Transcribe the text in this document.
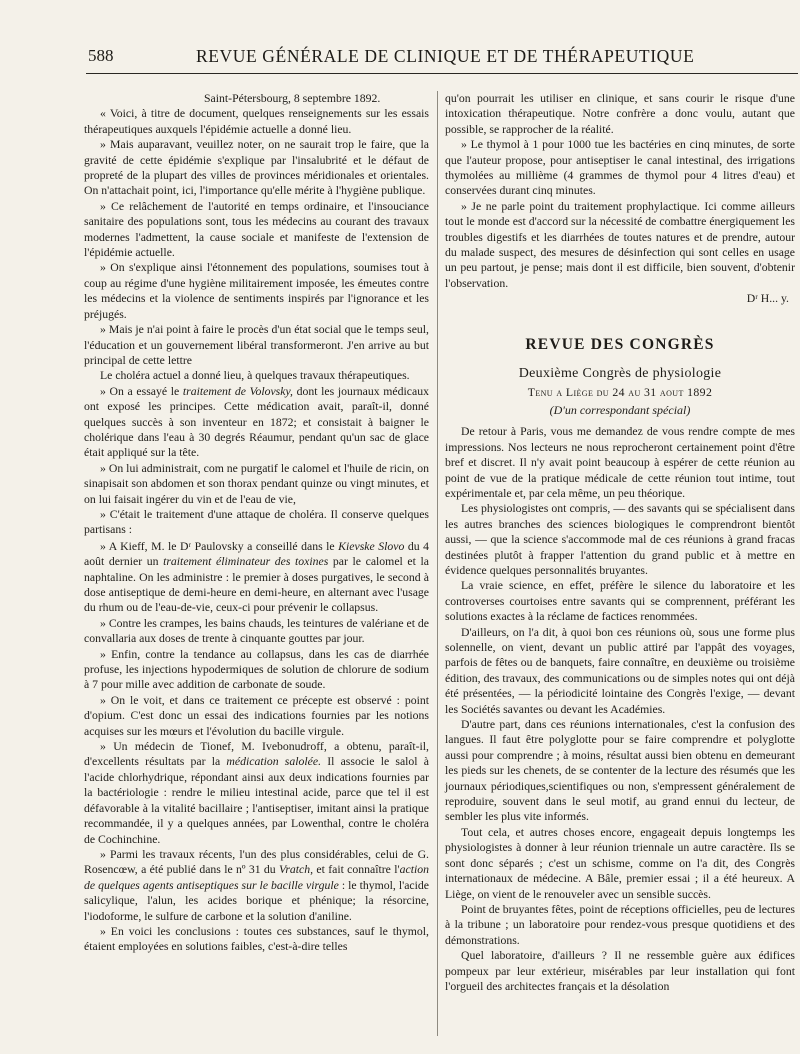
588	REVUE GÉNÉRALE DE CLINIQUE ET DE THÉRAPEUTIQUE

Saint-Pétersbourg, 8 septembre 1892.

« Voici, à titre de document, quelques renseignements sur les essais thérapeutiques auxquels l'épidémie actuelle a donné lieu.

» Mais auparavant, veuillez noter, on ne saurait trop le faire, que la gravité de cette épidémie s'explique par l'insalubrité et le défaut de propreté de la plupart des villes de provinces méridionales et orientales. On n'attachait point, ici, l'importance qu'elle mérite à l'hygiène publique.

» Ce relâchement de l'autorité en temps ordinaire, et l'insouciance sanitaire des populations sont, tous les médecins au courant des travaux modernes l'admettent, la cause sociale et manifeste de l'extension de l'épidémie actuelle.

» On s'explique ainsi l'étonnement des populations, soumises tout à coup au régime d'une hygiène militairement imposée, les émeutes contre les médecins et la violence de sentiments inspirés par l'ignorance et les préjugés.

» Mais je n'ai point à faire le procès d'un état social que le temps seul, l'éducation et un gouvernement libéral transformeront. J'en arrive au but principal de cette lettre

Le choléra actuel a donné lieu, à quelques travaux thérapeutiques.

» On a essayé le traitement de Volovsky, dont les journaux médicaux ont exposé les principes. Cette médication avait, paraît-il, donné quelques succès à son inventeur en 1872; et consistait à baigner le cholérique dans l'eau à 30 degrés Réaumur, pendant qu'un sac de glace était appliqué sur la tête.

» On lui administrait, com ne purgatif le calomel et l'huile de ricin, on sinapisait son abdomen et son thorax pendant quinze ou vingt minutes, et on lui faisait ingérer du vin et de l'eau de vie,

» C'était le traitement d'une attaque de choléra. Il conserve quelques partisans :

» A Kieff, M. le Dʳ Paulovsky a conseillé dans le Kievske Slovo du 4 août dernier un traitement éliminateur des toxines par le calomel et la naphtaline. On les administre : le premier à doses purgatives, le second à dose antiseptique de demi-heure en demi-heure, en alternant avec l'usage du rhum ou de l'eau-de-vie, ceux-ci pour prévenir le collapsus.

» Contre les crampes, les bains chauds, les teintures de valériane et de convallaria aux doses de trente à cinquante gouttes par jour.

» Enfin, contre la tendance au collapsus, dans les cas de diarrhée profuse, les injections hypodermiques de solution de chlorure de sodium à 7 pour mille avec addition de carbonate de soude.

» On le voit, et dans ce traitement ce précepte est observé : point d'opium. C'est donc un essai des indications fournies par les notions acquises sur les mœurs et l'évolution du bacille virgule.

» Un médecin de Tionef, M. Ivebonudroff, a obtenu, paraît-il, d'excellents résultats par la médication salolée. Il associe le salol à l'acide chlorhydrique, répondant ainsi aux deux indications fournies par la bactériologie : rendre le milieu intestinal acide, parce que tel il est défavorable à la vitalité bacillaire ; l'antiseptiser, imitant ainsi la pratique recommandée, il y a quelques années, par Lowenthal, contre le choléra de Cochinchine.

» Parmi les travaux récents, l'un des plus considérables, celui de G. Rosencœw, a été publié dans le nº 31 du Vratch, et fait connaître l'action de quelques agents antiseptiques sur le bacille virgule : le thymol, l'acide salicylique, l'alun, les acides borique et phénique; la résorcine, l'iodoforme, le sulfure de carbone et la solution d'aniline.

» En voici les conclusions : toutes ces substances, sauf le thymol, étaient employées en solutions faibles, c'est-à-dire telles

qu'on pourrait les utiliser en clinique, et sans courir le risque d'une intoxication thérapeutique. Notre confrère a donc voulu, autant que possible, se rapprocher de la réalité.

» Le thymol à 1 pour 1000 tue les bactéries en cinq minutes, de sorte que l'auteur propose, pour antiseptiser le canal intestinal, des irrigations thymolées au millième (4 grammes de thymol pour 4 litres d'eau) et conservées durant cinq minutes.

» Je ne parle point du traitement prophylactique. Ici comme ailleurs tout le monde est d'accord sur la nécessité de combattre énergiquement les troubles digestifs et les diarrhées de toutes natures et de prendre, autour du malade suspect, des mesures de désinfection qui sont celles en usage un peu partout, je pense; mais dont il est difficile, bien souvent, d'obtenir l'observation.

Dʳ H... y.

REVUE DES CONGRÈS
Deuxième Congrès de physiologie
Tenu a Liège du 24 au 31 aout 1892
(D'un correspondant spécial)

De retour à Paris, vous me demandez de vous rendre compte de mes impressions. Nos lecteurs ne nous reprocheront certainement point d'être bref et discret. Il n'y avait point beaucoup à espérer de cette réunion au point de vue de la pratique médicale de cette réunion tout intime, tout expérimentale et, par cela même, un peu théorique.

Les physiologistes ont compris, — des savants qui se spécialisent dans les autres branches des sciences biologiques le comprendront bientôt aussi, — que la science s'accommode mal de ces réunions à grand fracas destinées plutôt à frapper l'attention du grand public et à mettre en évidence quelques personnalités bruyantes.

La vraie science, en effet, préfère le silence du laboratoire et les controverses courtoises entre savants qui se comprennent, préférant les solutions exactes à la réclame de factices renommées.

D'ailleurs, on l'a dit, à quoi bon ces réunions où, sous une forme plus solennelle, on vient, devant un public attiré par l'appât des voyages, parfois de fêtes ou de banquets, faire connaître, en deuxième ou troisième édition, des travaux, des communications ou de simples notes qui ont déjà été présentées, — la périodicité lointaine des Congrès l'exige, — devant les Sociétés savantes ou devant les Académies.

D'autre part, dans ces réunions internationales, c'est la confusion des langues. Il faut être polyglotte pour se faire comprendre et polyglotte aussi pour comprendre ; à moins, résultat aussi bien obtenu en demeurant les pieds sur les chenets, de se contenter de la lecture des résumés que les journaux périodiques,scientifiques ou non, s'empressent généralement de reproduire, souvent dans le seul motif, au grand ennui du lecteur, de sembler les plus vite informés.

Tout cela, et autres choses encore, engageait depuis longtemps les physiologistes à donner à leur réunion triennale un autre caractère. Ils se sont donc séparés ; c'est un schisme, comme on l'a dit, des Congrès internationaux de médecine. A Bâle, premier essai ; il a été heureux. A Liège, on vient de le renouveler avec un sensible succès.

Point de bruyantes fêtes, point de réceptions officielles, peu de lectures à la tribune ; un laboratoire pour rendez-vous presque quotidiens et des démonstrations.

Quel laboratoire, d'ailleurs ? Il ne ressemble guère aux édifices pompeux par leur extérieur, misérables par leur installation qui font l'orgueil des architectes français et la désolation
